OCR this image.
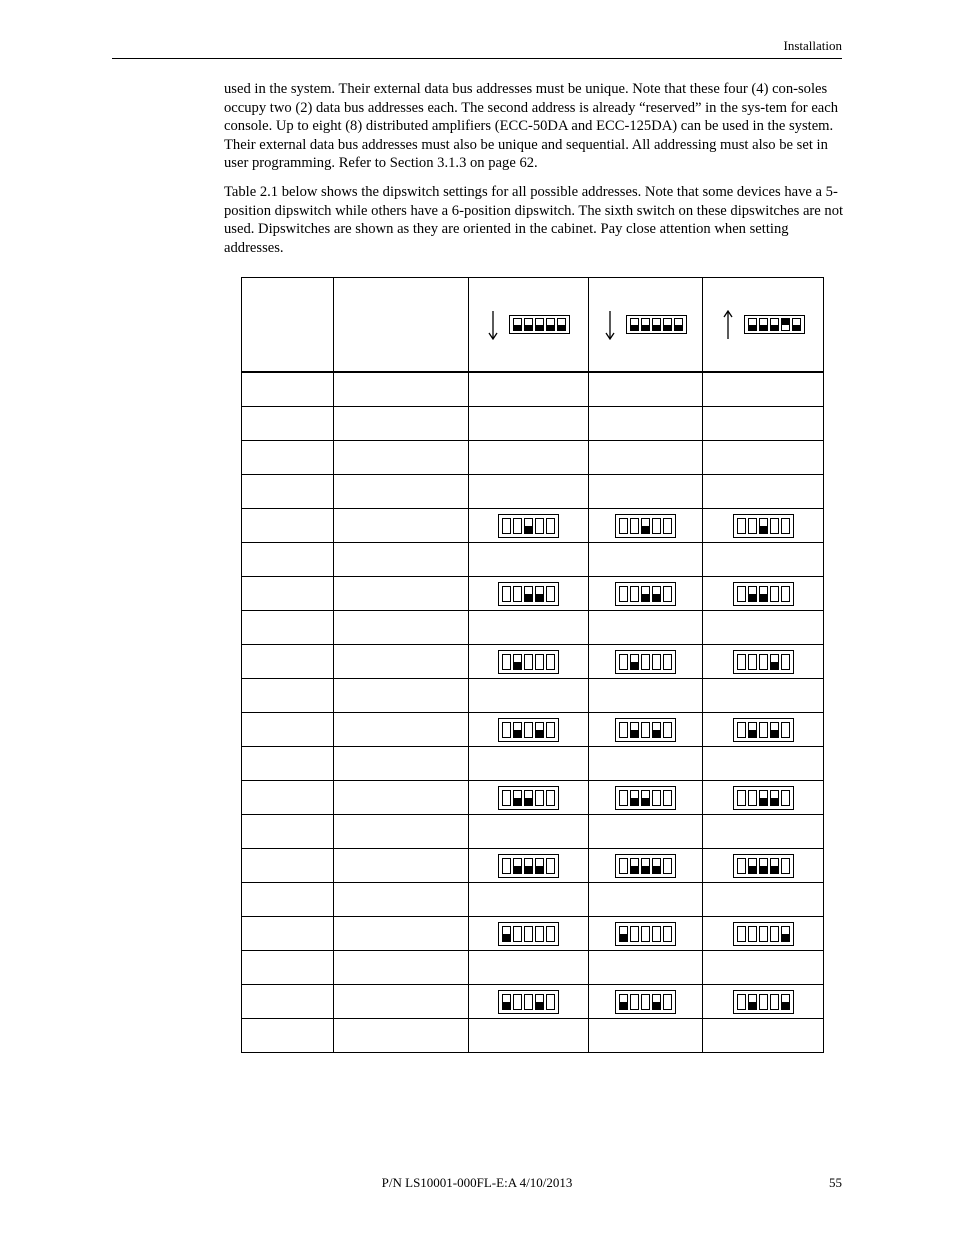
Installation

used in the system. Their external data bus addresses must be unique. Note that these four (4) con-soles occupy two (2) data bus addresses each. The second address is already “reserved” in the sys-tem for each console. Up to eight (8) distributed amplifiers (ECC-50DA and ECC-125DA) can be used in the system. Their external data bus addresses must also be unique and sequential. All addressing must also be set in user programming. Refer to Section 3.1.3 on page 62.

Table 2.1 below shows the dipswitch settings for all possible addresses. Note that some devices have a 5-position dipswitch while others have a 6-position dipswitch. The sixth switch on these dipswitches are not used. Dipswitches are shown as they are oriented in the cabinet. Pay close attention when setting addresses.

P/N LS10001-000FL-E:A 4/10/2013	55
